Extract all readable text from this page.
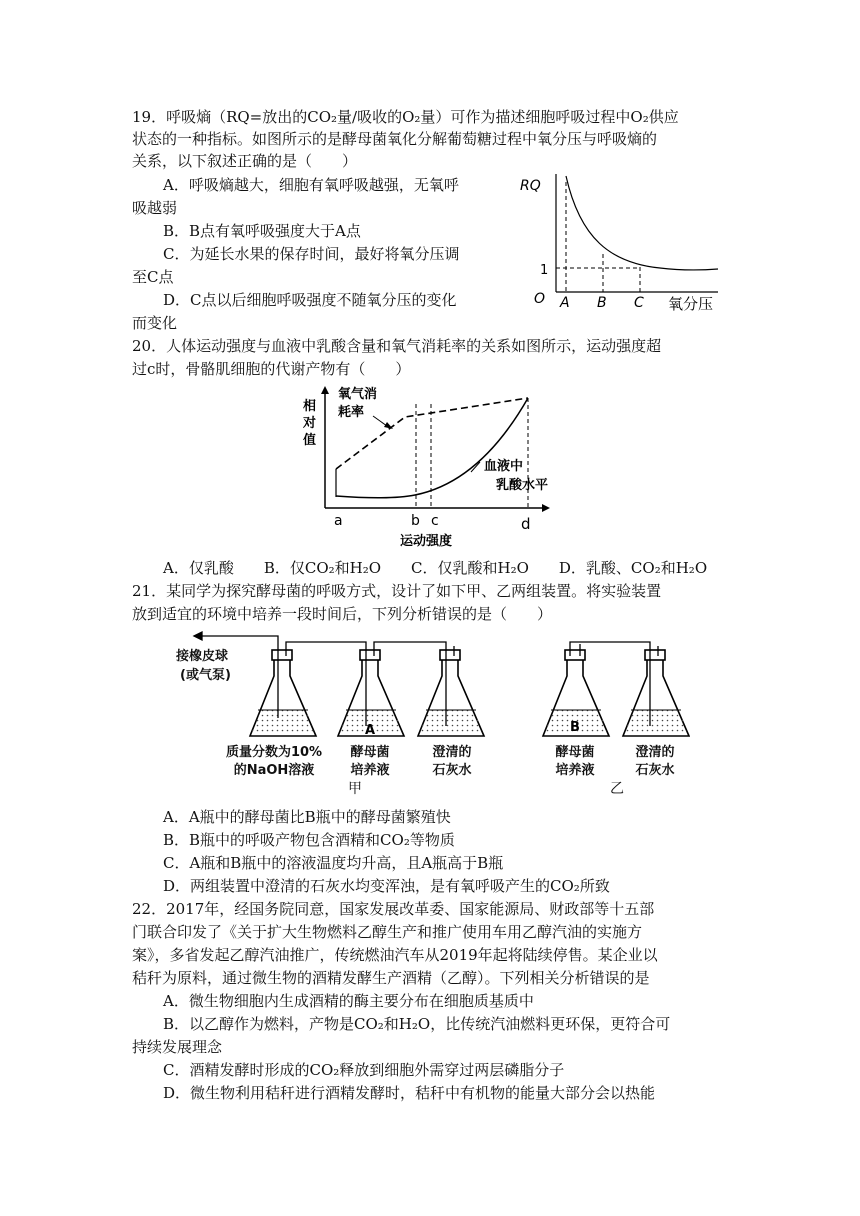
19．呼吸熵（RQ=放出的CO₂量/吸收的O₂量）可作为描述细胞呼吸过程中O₂供应
状态的一种指标。如图所示的是酵母菌氧化分解葡萄糖过程中氧分压与呼吸熵的
关系，以下叙述正确的是（　　）
A．呼吸熵越大，细胞有氧呼吸越强，无氧呼
吸越弱
B．B点有氧呼吸强度大于A点
C．为延长水果的保存时间，最好将氧分压调
至C点
D．C点以后细胞呼吸强度不随氧分压的变化
而变化
RQ
1
O A B C 氧分压
20．人体运动强度与血液中乳酸含量和氧气消耗率的关系如图所示，运动强度超
过c时，骨骼肌细胞的代谢产物有（　　）
相
对
值
氧气消
耗率
血液中
乳酸水平
a	b c	d
运动强度
A．仅乳酸　　B．仅CO₂和H₂O　　C．仅乳酸和H₂O　　D．乳酸、CO₂和H₂O
21．某同学为探究酵母菌的呼吸方式，设计了如下甲、乙两组装置。将实验装置
放到适宜的环境中培养一段时间后，下列分析错误的是（　　）
A	B
接橡皮球
(或气泵)
质量分数为10%
的NaOH溶液
酵母菌
培养液
澄清的
石灰水
酵母菌
培养液
澄清的
石灰水
甲	乙
A．A瓶中的酵母菌比B瓶中的酵母菌繁殖快
B．B瓶中的呼吸产物包含酒精和CO₂等物质
C．A瓶和B瓶中的溶液温度均升高，且A瓶高于B瓶
D．两组装置中澄清的石灰水均变浑浊，是有氧呼吸产生的CO₂所致
22．2017年，经国务院同意，国家发展改革委、国家能源局、财政部等十五部
门联合印发了《关于扩大生物燃料乙醇生产和推广使用车用乙醇汽油的实施方
案》，多省发起乙醇汽油推广，传统燃油汽车从2019年起将陆续停售。某企业以
秸秆为原料，通过微生物的酒精发酵生产酒精（乙醇）。下列相关分析错误的是
A．微生物细胞内生成酒精的酶主要分布在细胞质基质中
B．以乙醇作为燃料，产物是CO₂和H₂O，比传统汽油燃料更环保，更符合可
持续发展理念
C．酒精发酵时形成的CO₂释放到细胞外需穿过两层磷脂分子
D．微生物利用秸秆进行酒精发酵时，秸秆中有机物的能量大部分会以热能
